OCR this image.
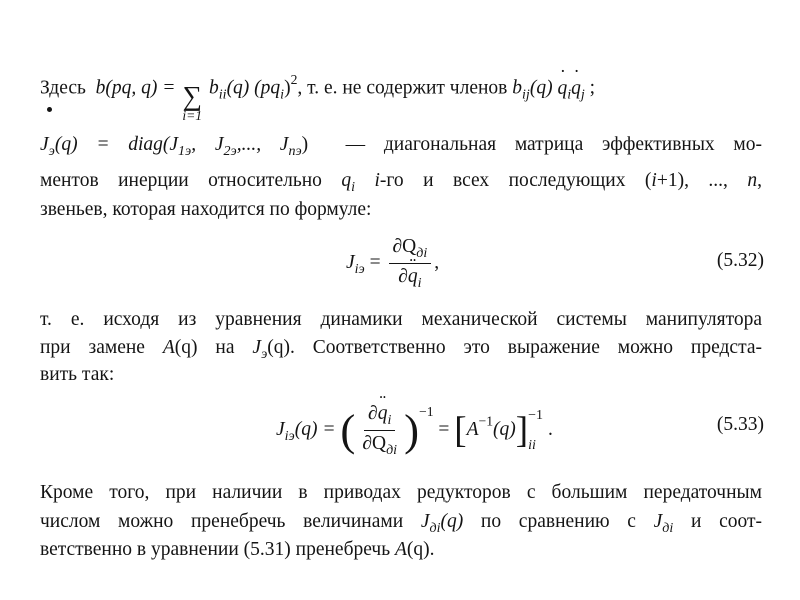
Здесь b(pq, q) = ∑
i=1
$b_{ii}(q)$ $(pq_i)^2$, т. е. не содержит членов $b_{ij}(q)$ q $˙_iq$ $˙_j$ ;
$J_э(q)$ = $diag(J_{1э}$, $J_{2э}$,..., $J_{nэ}$) — диагональная матрица эффективных мо-
ментов инерции относительно $q_i$ i-го и всех последующих (i+1), ..., n,
звеньев, которая находится по формуле:
$J_{iэ} = \frac{\partial Q_{дi}}{\partial q ¨_i}$ ,	(5.32)
т. е. исходя из уравнения динамики механической системы манипулятора
при замене A(q) на $J_э(q)$. Соответственно это выражение можно предста-
вить так:
$J_{iэ}(q)$ = ( $\frac{\partial q ¨_i}{\partial Q_{дi}} )^{-1} = [A^{-1}(q)] -1$
ii
.	(5.33)
Кроме того, при наличии в приводах редукторов с большим передаточным
числом можно пренебречь величинами $J_{дi}(q)$ по сравнению с $J_{дi}$ и соот-
ветственно в уравнении (5.31) пренебречь A(q).
